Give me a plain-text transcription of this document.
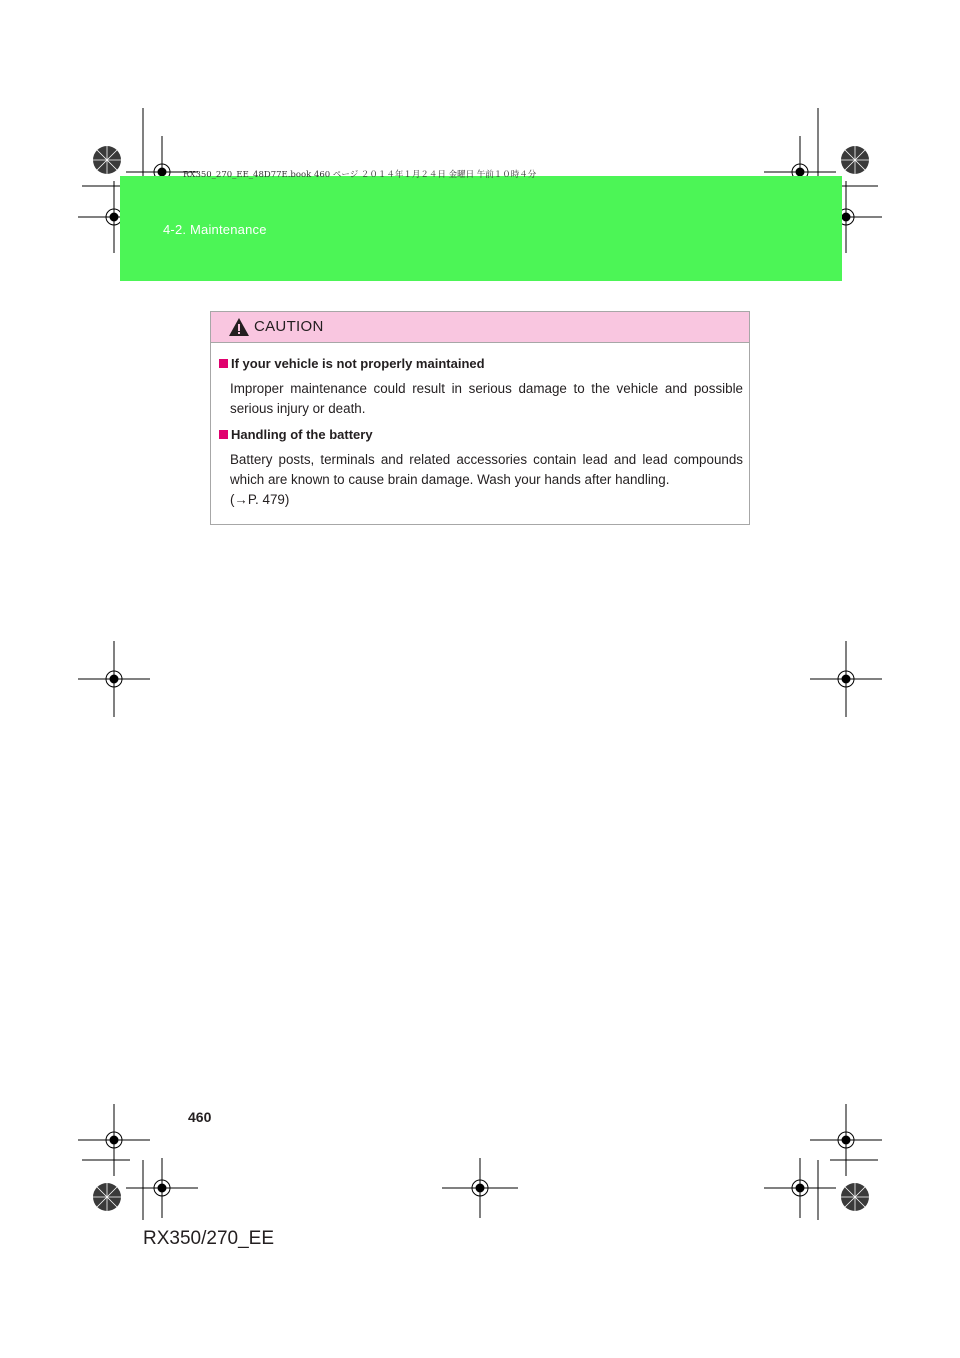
RX350_270_EE_48D77E.book 460 ページ ２０１４年１月２４日 金曜日 午前１０時４分
4-2. Maintenance
CAUTION
If your vehicle is not properly maintained
Improper maintenance could result in serious damage to the vehicle and possible serious injury or death.
Handling of the battery
Battery posts, terminals and related accessories contain lead and lead compounds which are known to cause brain damage. Wash your hands after handling.
(→P. 479)
460
RX350/270_EE
